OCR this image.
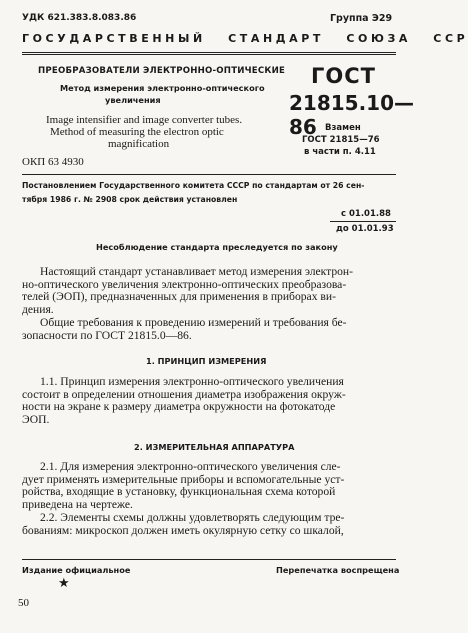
УДК 621.383.8.083.86	Группа Э29
ГОСУДАРСТВЕННЫЙ   СТАНДАРТ   СОЮЗА   ССР
ПРЕОБРАЗОВАТЕЛИ ЭЛЕКТРОННО-ОПТИЧЕСКИЕ
Метод измерения электронно-оптического
увеличения
Image intensifier and image converter tubes.
Method of measuring the electron optic
magnification
ОКП 63 4930
ГОСТ
21815.10—86 Взамен
ГОСТ 21815—76
в части п. 4.11
Постановлением Государственного комитета СССР по стандартам от 26 сен-
тября 1986 г. № 2908 срок действия установлен
с 01.01.88
до 01.01.93
Несоблюдение стандарта преследуется по закону
Настоящий стандарт устанавливает метод измерения электрон-
но-оптического увеличения электронно-оптических преобразова-
телей (ЭОП), предназначенных для применения в приборах ви-
дения.
Общие требования к проведению измерений и требования бе-
зопасности по ГОСТ 21815.0—86.
1. ПРИНЦИП ИЗМЕРЕНИЯ
1.1. Принцип измерения электронно-оптического увеличения
состоит в определении отношения диаметра изображения окруж-
ности на экране к размеру диаметра окружности на фотокатоде
ЭОП.
2. ИЗМЕРИТЕЛЬНАЯ АППАРАТУРА
2.1. Для измерения электронно-оптического увеличения сле-
дует применять измерительные приборы и вспомогательные уст-
ройства, входящие в установку, функциональная схема которой
приведена на чертеже.
2.2. Элементы схемы должны удовлетворять следующим тре-
бованиям: микроскоп должен иметь окулярную сетку со шкалой,
Издание официальное	Перепечатка воспрещена
★
50
